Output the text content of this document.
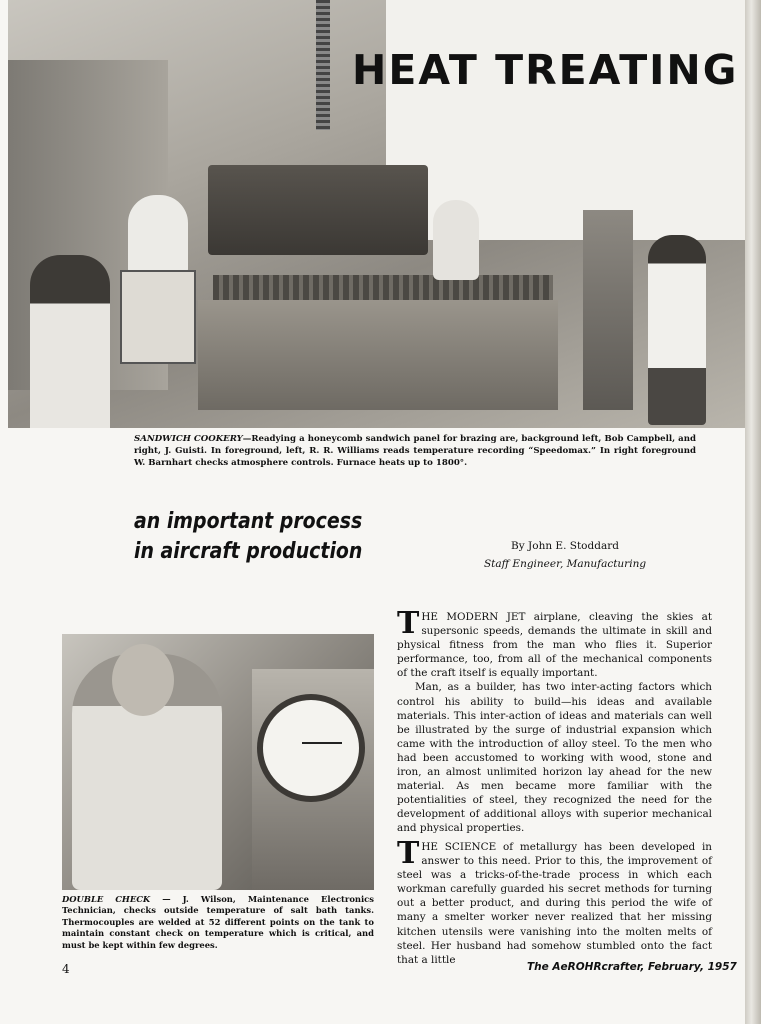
HEAT TREATING
SANDWICH COOKERY—Readying a honeycomb sandwich panel for brazing are, background left, Bob Campbell, and right, J. Guisti. In foreground, left, R. R. Williams reads temperature recording “Speedomax.” In right foreground W. Barnhart checks atmosphere controls. Furnace heats up to 1800°.
an important process
in aircraft production	By John E. Stoddard
Staff Engineer, Manufacturing
DOUBLE CHECK — J. Wilson, Maintenance Electronics Technician, checks outside temperature of salt bath tanks. Thermocouples are welded at 52 different points on the tank to maintain constant check on temperature which is critical, and must be kept within few degrees.

THE MODERN JET airplane, cleaving the skies at supersonic speeds, demands the ultimate in skill and physical fitness from the man who flies it. Superior performance, too, from all of the mechanical components of the craft itself is equally important.

Man, as a builder, has two inter-acting factors which control his ability to build—his ideas and available materials. This inter-action of ideas and materials can well be illustrated by the surge of industrial expansion which came with the introduction of alloy steel. To the men who had been accustomed to working with wood, stone and iron, an almost unlimited horizon lay ahead for the new material. As men became more familiar with the potentialities of steel, they recognized the need for the development of additional alloys with superior mechanical and physical properties.

THE SCIENCE of metallurgy has been developed in answer to this need. Prior to this, the improvement of steel was a tricks-of-the-trade process in which each workman carefully guarded his secret methods for turning out a better product, and during this period the wife of many a smelter worker never realized that her missing kitchen utensils were vanishing into the molten melts of steel. Her husband had somehow stumbled onto the fact that a little

4	The AeROHRcrafter, February, 1957
